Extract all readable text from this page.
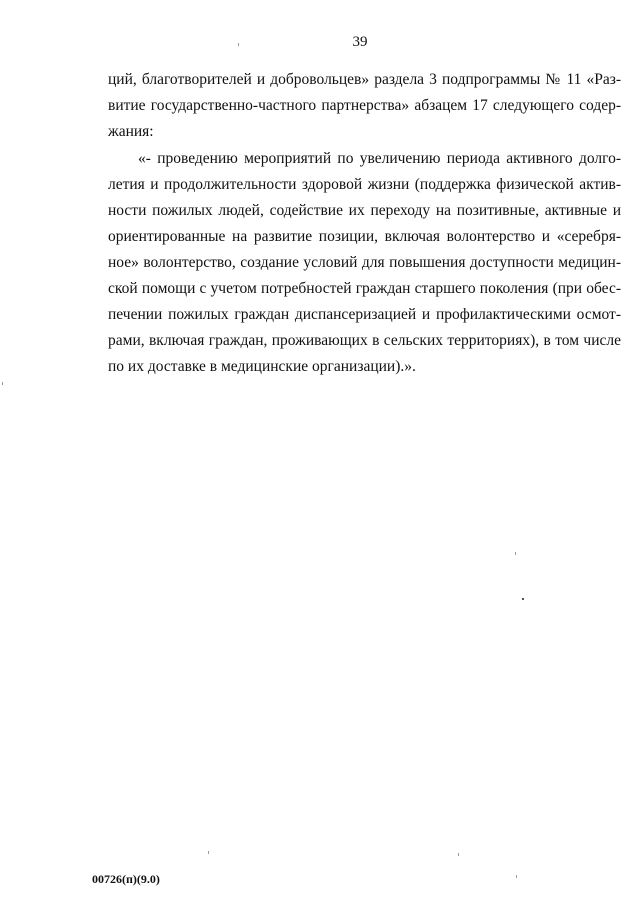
39
ций, благотворителей и добровольцев» раздела 3 подпрограммы № 11 «Раз-
витие государственно-частного партнерства» абзацем 17 следующего содер-
жания:
«- проведению мероприятий по увеличению периода активного долго-
летия и продолжительности здоровой жизни (поддержка физической актив-
ности пожилых людей, содействие их переходу на позитивные, активные и
ориентированные на развитие позиции, включая волонтерство и «серебря-
ное» волонтерство, создание условий для повышения доступности медицин-
ской помощи с учетом потребностей граждан старшего поколения (при обес-
печении пожилых граждан диспансеризацией и профилактическими осмот-
рами, включая граждан, проживающих в сельских территориях), в том числе
по их доставке в медицинские организации).».
00726(п)(9.0)
